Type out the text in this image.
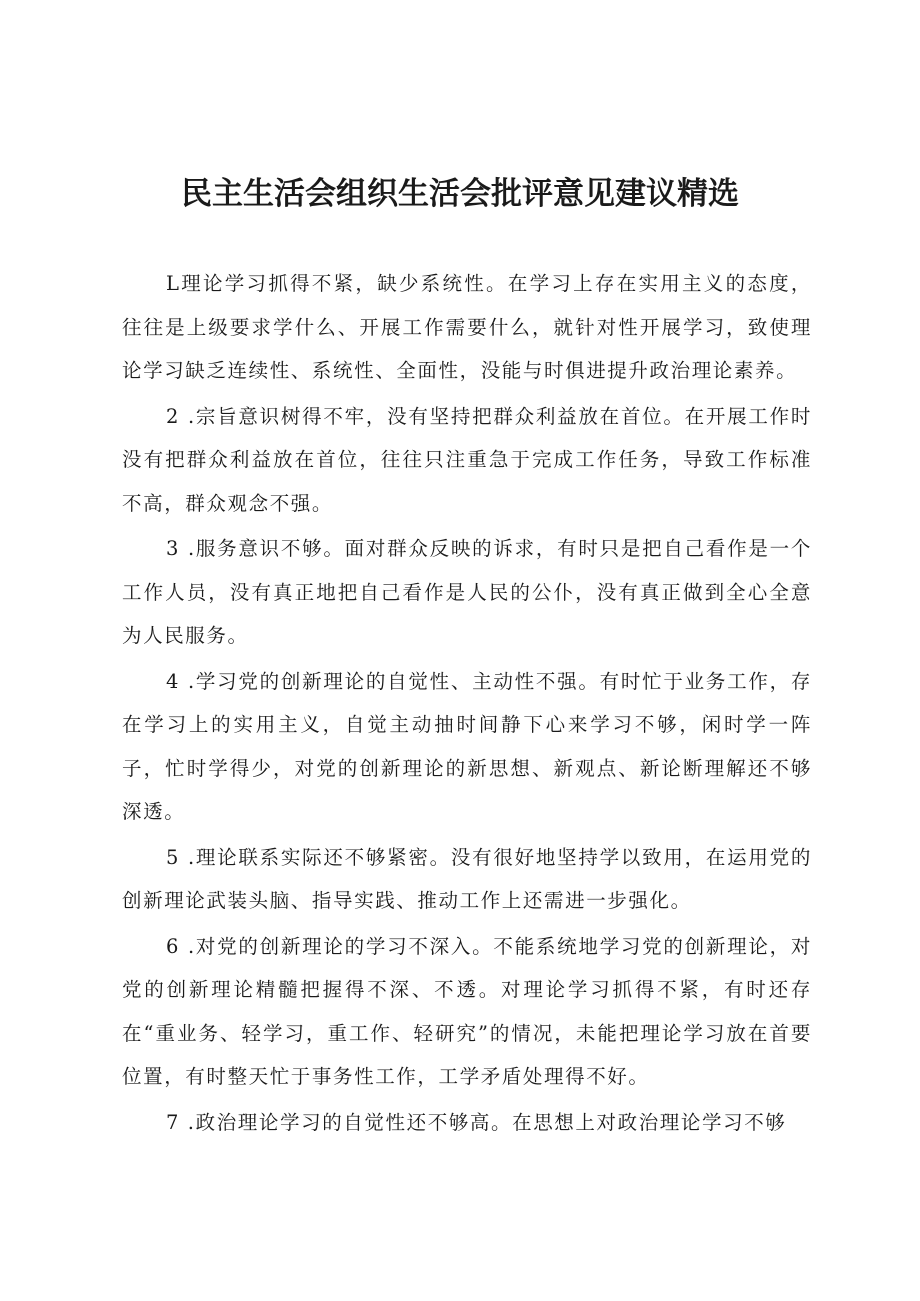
民主生活会组织生活会批评意见建议精选

L理论学习抓得不紧，缺少系统性。在学习上存在实用主义的态度，往往是上级要求学什么、开展工作需要什么，就针对性开展学习，致使理论学习缺乏连续性、系统性、全面性，没能与时俱进提升政治理论素养。

2 .宗旨意识树得不牢，没有坚持把群众利益放在首位。在开展工作时没有把群众利益放在首位，往往只注重急于完成工作任务，导致工作标准不高，群众观念不强。

3 .服务意识不够。面对群众反映的诉求，有时只是把自己看作是一个工作人员，没有真正地把自己看作是人民的公仆，没有真正做到全心全意为人民服务。

4 .学习党的创新理论的自觉性、主动性不强。有时忙于业务工作，存在学习上的实用主义，自觉主动抽时间静下心来学习不够，闲时学一阵子，忙时学得少，对党的创新理论的新思想、新观点、新论断理解还不够深透。

5 .理论联系实际还不够紧密。没有很好地坚持学以致用，在运用党的创新理论武装头脑、指导实践、推动工作上还需进一步强化。

6 .对党的创新理论的学习不深入。不能系统地学习党的创新理论，对党的创新理论精髓把握得不深、不透。对理论学习抓得不紧，有时还存在“重业务、轻学习，重工作、轻研究”的情况，未能把理论学习放在首要位置，有时整天忙于事务性工作，工学矛盾处理得不好。

7 .政治理论学习的自觉性还不够高。在思想上对政治理论学习不够
